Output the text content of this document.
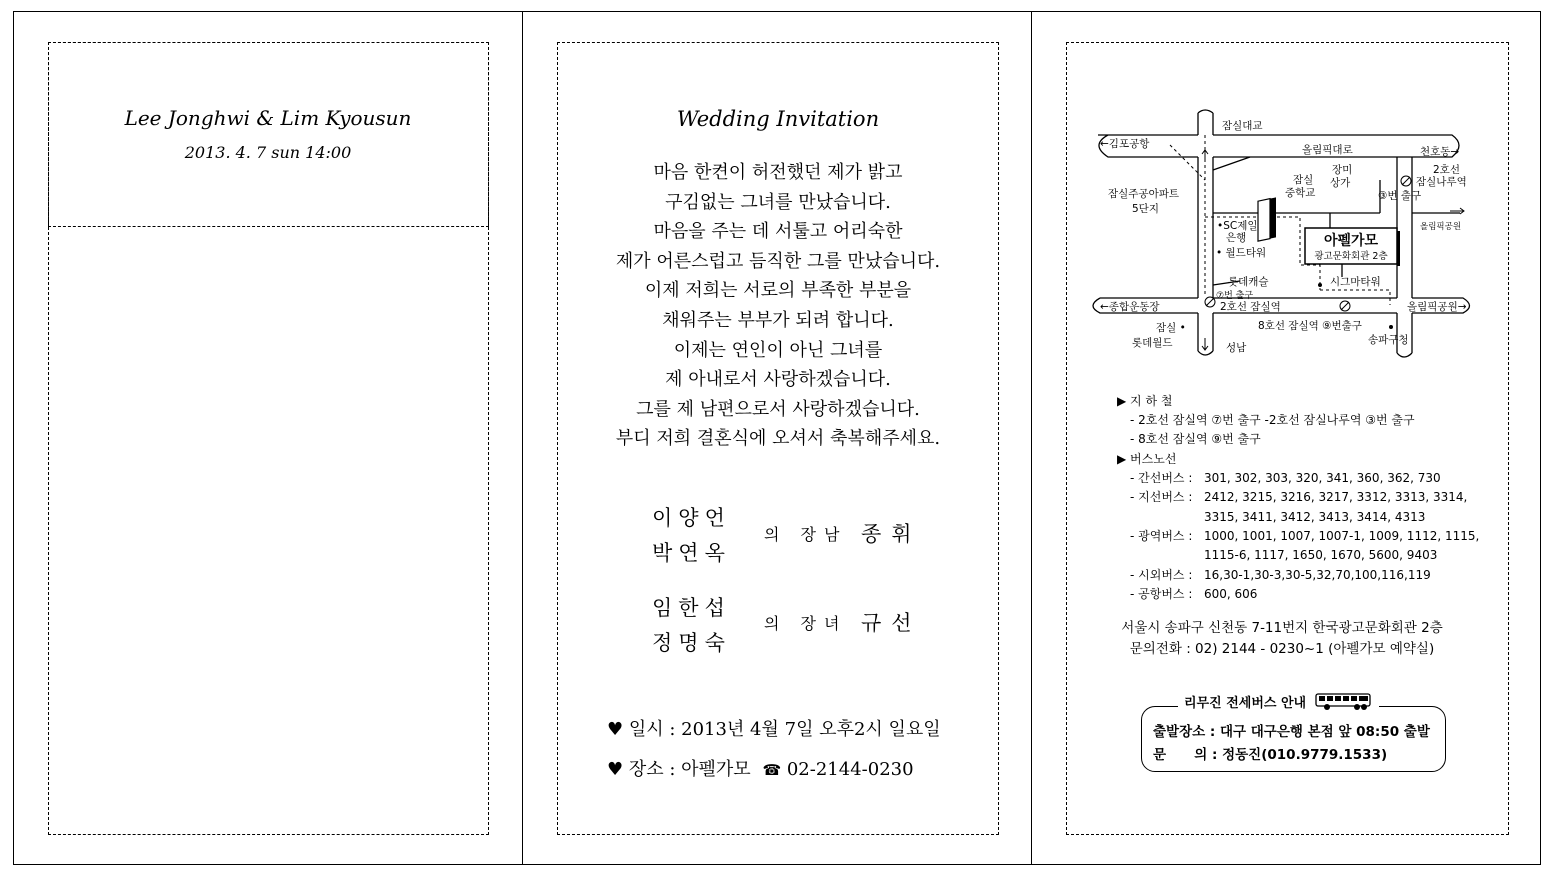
Lee Jonghwi & Lim Kyousun
2013. 4. 7 sun 14:00
Wedding Invitation
마음 한켠이 허전했던 제가 밝고
구김없는 그녀를 만났습니다.
마음을 주는 데 서툴고 어리숙한
제가 어른스럽고 듬직한 그를 만났습니다.
이제 저희는 서로의 부족한 부분을
채워주는 부부가 되려 합니다.
이제는 연인이 아닌 그녀를
제 아내로서 사랑하겠습니다.
그를 제 남편으로서 사랑하겠습니다.
부디 저희 결혼식에 오셔서 축복해주세요.
이양언
박연옥
의 장남 종휘
임한섭
정명숙
의 장녀 규선
♥ 일시 : 2013년 4월 7일 오후2시 일요일
♥ 장소 : 아펠가모 ☎ 02-2144-0230
잠실대교
←김포공항
천호동→
올림픽대로
잠실주공아파트
5단지
잠실
중학교
장미
상가
2호선
잠실나루역
③번 출구
올림픽공원
•SC제일
은행
• 월드타워
아펠가모
광고문화회관 2층
롯데캐슬	시그마타워
⑦번 출구
2호선 잠실역
←종합운동장	올림픽공원→
잠실 •
롯데월드	성남
8호선 잠실역 ⑨번출구
송파구청
▶ 지 하 철
- 2호선 잠실역 ⑦번 출구 -2호선 잠실나루역 ③번 출구
- 8호선 잠실역 ⑨번 출구
▶ 버스노선
- 간선버스 : 301, 302, 303, 320, 341, 360, 362, 730
- 지선버스 : 2412, 3215, 3216, 3217, 3312, 3313, 3314,
3315, 3411, 3412, 3413, 3414, 4313
- 광역버스 : 1000, 1001, 1007, 1007-1, 1009, 1112, 1115,
1115-6, 1117, 1650, 1670, 5600, 9403
- 시외버스 : 16,30-1,30-3,30-5,32,70,100,116,119
- 공항버스 : 600, 606
서울시 송파구 신천동 7-11번지 한국광고문화회관 2층
문의전화 : 02) 2144 - 0230~1 (아펠가모 예약실)
리무진 전세버스 안내
출발장소 : 대구 대구은행 본점 앞 08:50 출발
문      의 : 정동진(010.9779.1533)
